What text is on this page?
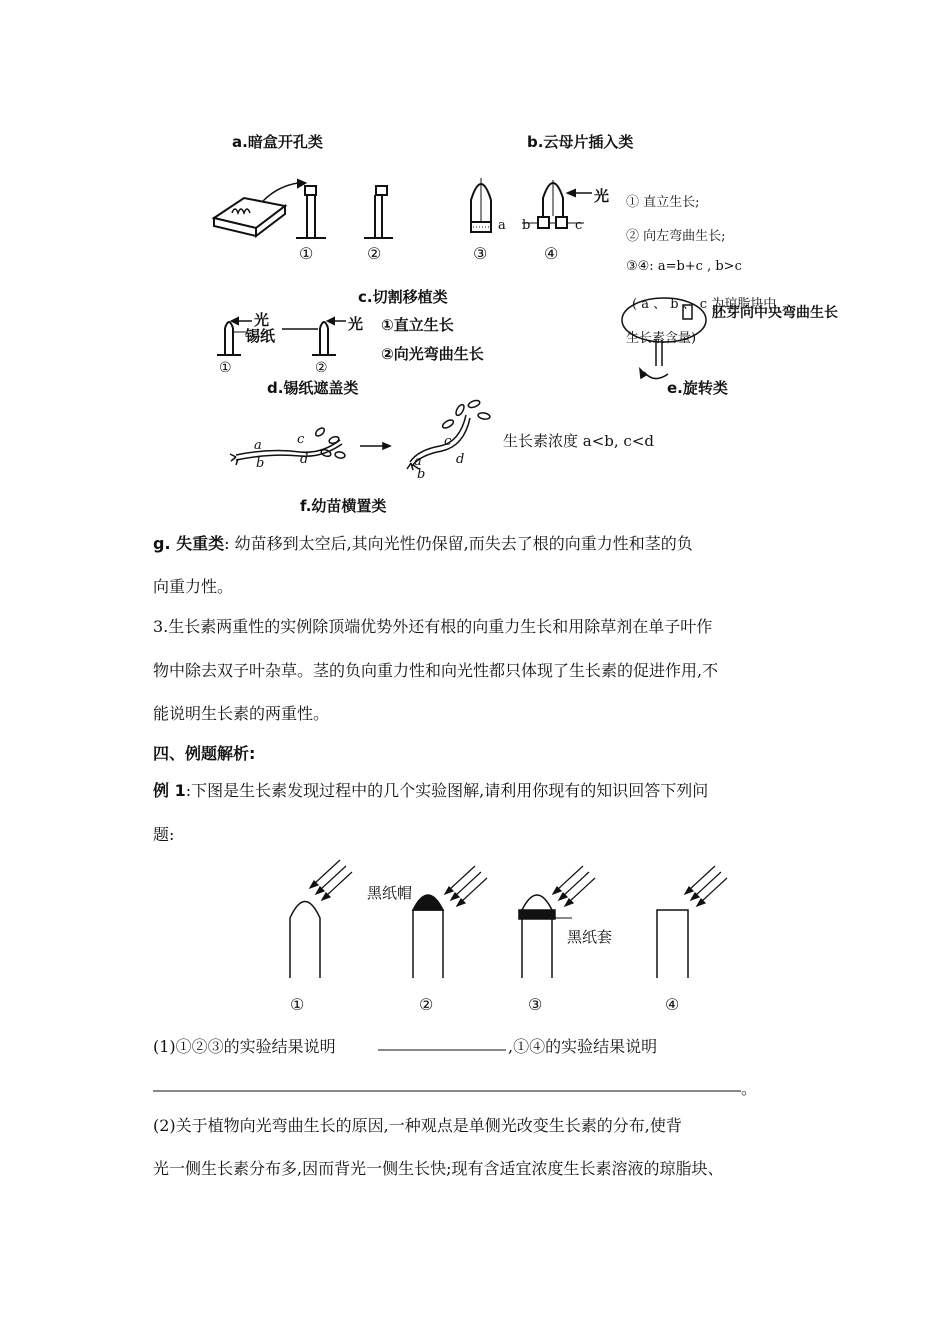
a.暗盒开孔类	b.云母片插入类
①	②	③	④
a b	c
光 ① 直立生长;
② 向左弯曲生长;
③④: a=b+c , b>c
( a 、 b 、 c 为琼脂块中
生长素含量)
胚芽向中央弯曲生长
c.切割移植类
光
锡纸
光 ①直立生长
②向光弯曲生长
①	②
d.锡纸遮盖类	e.旋转类
a
b
c
d	a
b
c
d
生长素浓度 a<b, c<d
f.幼苗横置类
g. 失重类: 幼苗移到太空后,其向光性仍保留,而失去了根的向重力性和茎的负
向重力性。
3.生长素两重性的实例除顶端优势外还有根的向重力生长和用除草剂在单子叶作
物中除去双子叶杂草。茎的负向重力性和向光性都只体现了生长素的促进作用,不
能说明生长素的两重性。
四、例题解析:
例 1:下图是生长素发现过程中的几个实验图解,请利用你现有的知识回答下列问
题:
黑纸帽
黑纸套
①	②	③	④
(1)①②③的实验结果说明	,①④的实验结果说明
。
(2)关于植物向光弯曲生长的原因,一种观点是单侧光改变生长素的分布,使背
光一侧生长素分布多,因而背光一侧生长快;现有含适宜浓度生长素溶液的琼脂块、
